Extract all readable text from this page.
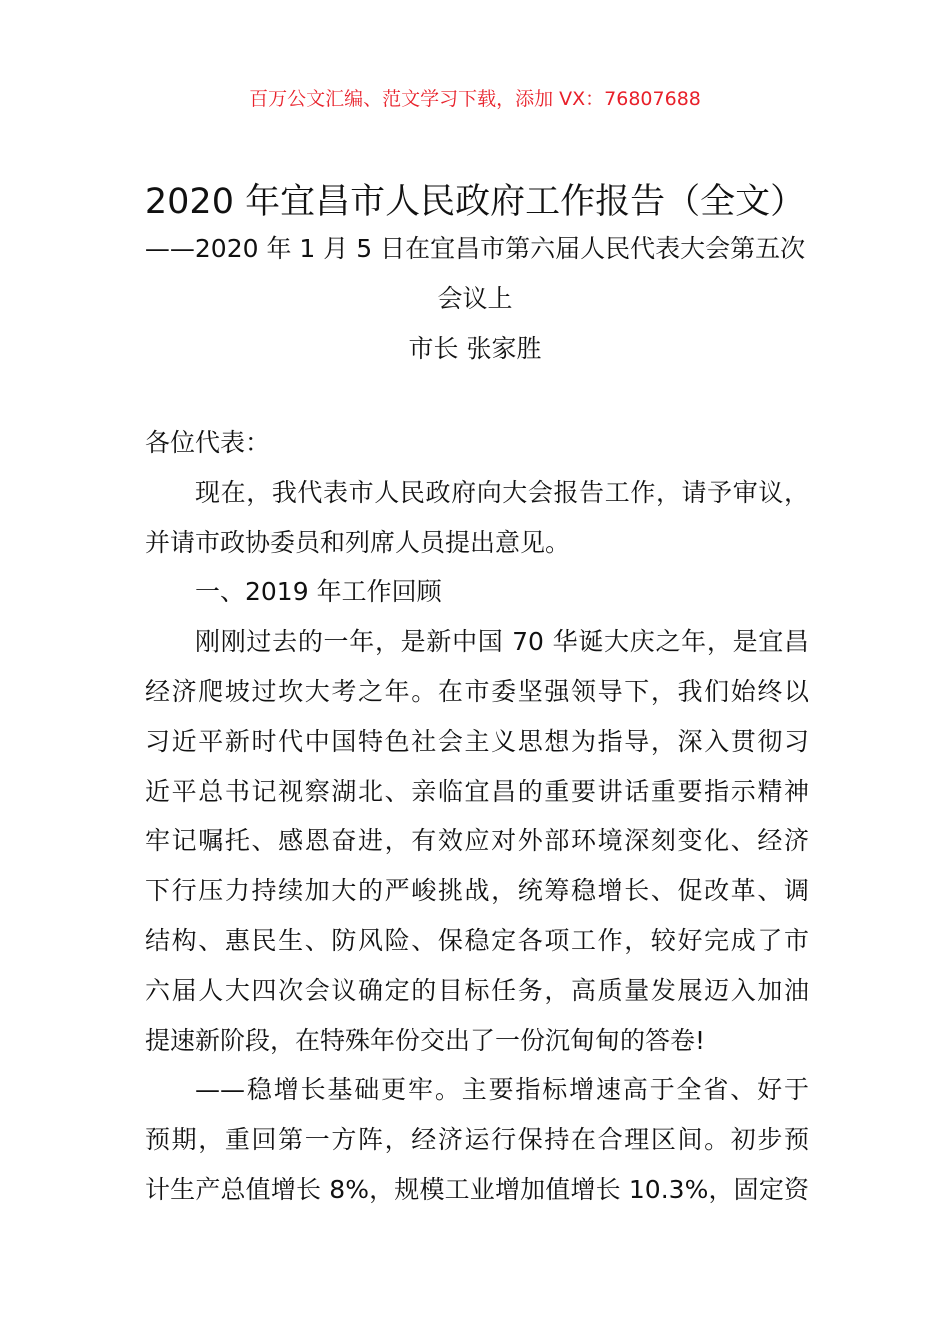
百万公文汇编、范文学习下载，添加 VX：76807688
2020 年宜昌市人民政府工作报告（全文）
——2020 年 1 月 5 日在宜昌市第六届人民代表大会第五次
会议上
市长 张家胜
各位代表：
现在，我代表市人民政府向大会报告工作，请予审议，
并请市政协委员和列席人员提出意见。
一、2019 年工作回顾
刚刚过去的一年，是新中国 70 华诞大庆之年，是宜昌
经济爬坡过坎大考之年。在市委坚强领导下，我们始终以
习近平新时代中国特色社会主义思想为指导，深入贯彻习
近平总书记视察湖北、亲临宜昌的重要讲话重要指示精神
牢记嘱托、感恩奋进，有效应对外部环境深刻变化、经济
下行压力持续加大的严峻挑战，统筹稳增长、促改革、调
结构、惠民生、防风险、保稳定各项工作，较好完成了市
六届人大四次会议确定的目标任务，高质量发展迈入加油
提速新阶段，在特殊年份交出了一份沉甸甸的答卷!
——稳增长基础更牢。主要指标增速高于全省、好于
预期，重回第一方阵，经济运行保持在合理区间。初步预
计生产总值增长 8%，规模工业增加值增长 10.3%，固定资
